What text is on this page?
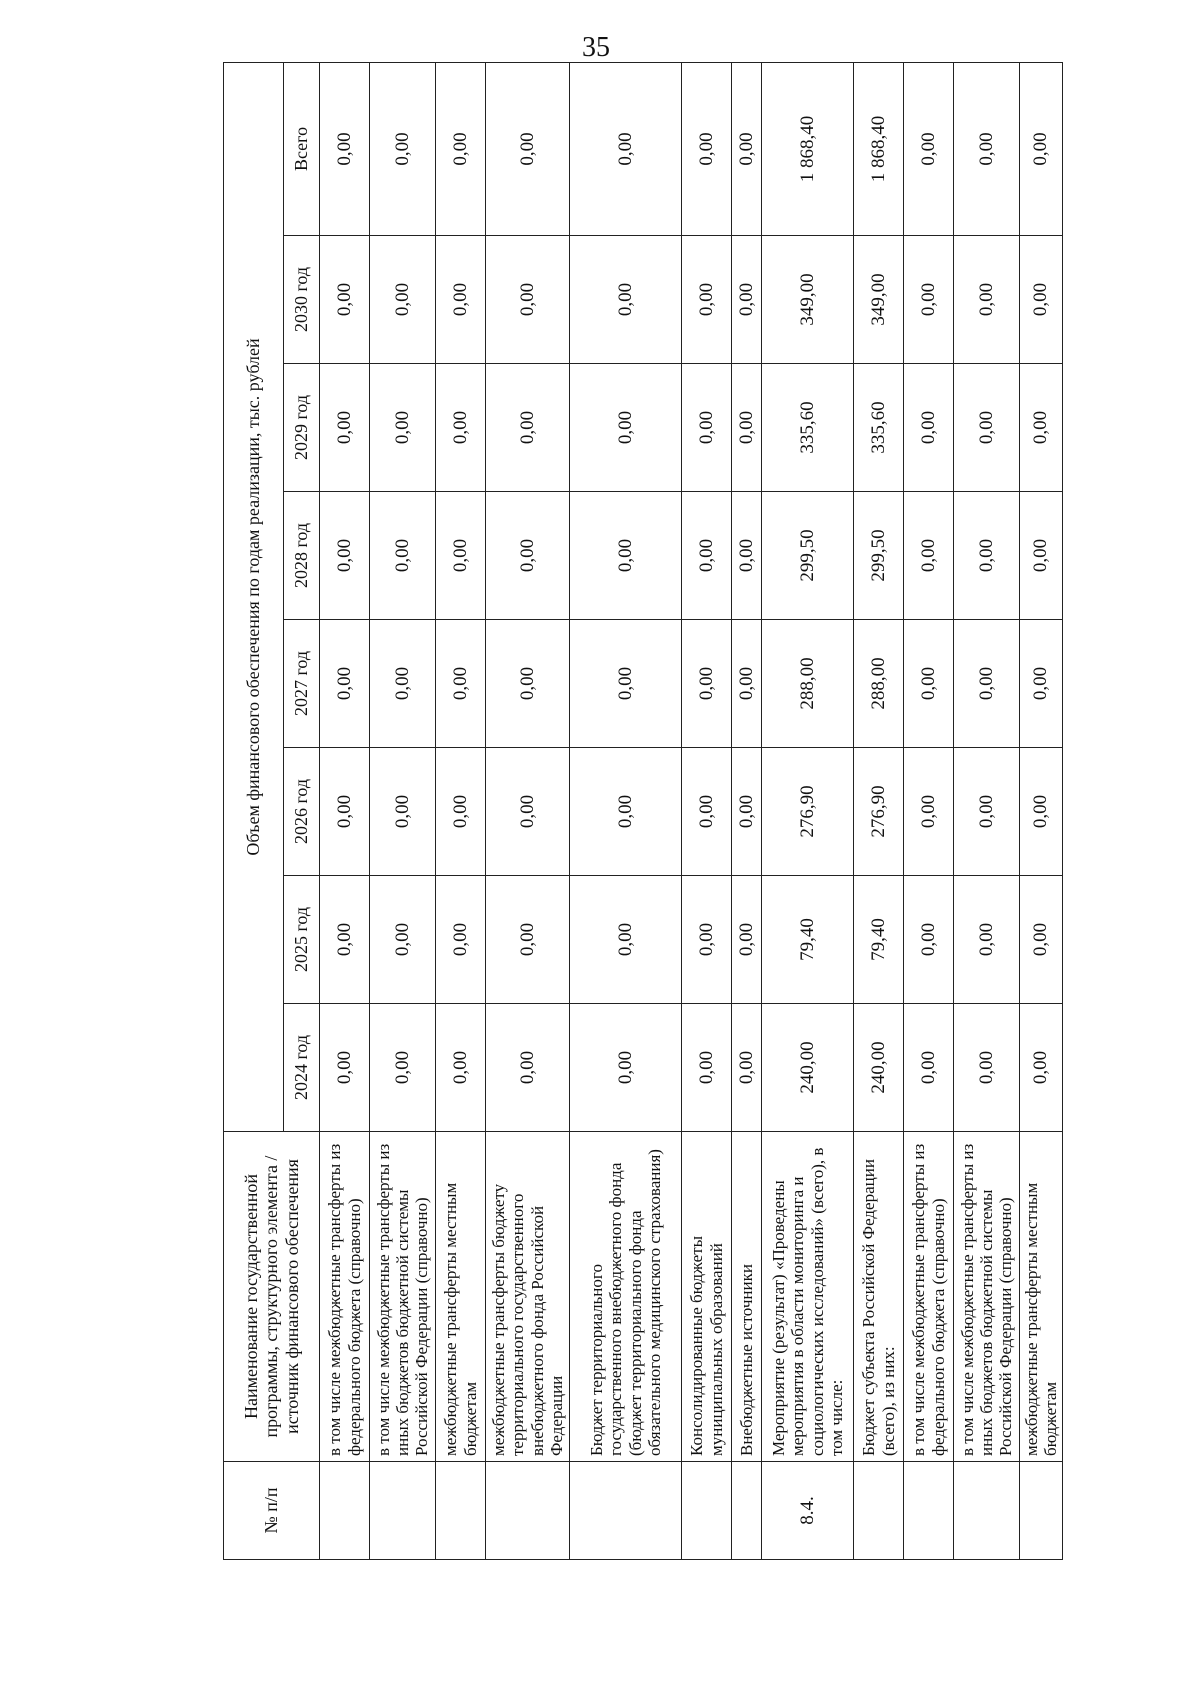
35
№ п/п	Наименование государственной программы, структурного элемента / источник финансового обеспечения	Объем финансового обеспечения по годам реализации, тыс. рублей							
		2024 год	2025 год	2026 год	2027 год	2028 год	2029 год	2030 год	Всего
	в том числе межбюджетные трансферты из федерального бюджета (справочно)	0,00	0,00	0,00	0,00	0,00	0,00	0,00	0,00
	в том числе межбюджетные трансферты из иных бюджетов бюджетной системы Российской Федерации (справочно)	0,00	0,00	0,00	0,00	0,00	0,00	0,00	0,00
	межбюджетные трансферты местным бюджетам	0,00	0,00	0,00	0,00	0,00	0,00	0,00	0,00
	межбюджетные трансферты бюджету территориального государственного внебюджетного фонда Российской Федерации	0,00	0,00	0,00	0,00	0,00	0,00	0,00	0,00
	Бюджет территориального государственного внебюджетного фонда (бюджет территориального фонда обязательного медицинского страхования)	0,00	0,00	0,00	0,00	0,00	0,00	0,00	0,00
	Консолидированные бюджеты муниципальных образований	0,00	0,00	0,00	0,00	0,00	0,00	0,00	0,00
	Внебюджетные источники	0,00	0,00	0,00	0,00	0,00	0,00	0,00	0,00
8.4.	Мероприятие (результат) «Проведены мероприятия в области мониторинга и социологических исследований» (всего), в том числе:	240,00	79,40	276,90	288,00	299,50	335,60	349,00	1 868,40
	Бюджет субъекта Российской Федерации (всего), из них:	240,00	79,40	276,90	288,00	299,50	335,60	349,00	1 868,40
	в том числе межбюджетные трансферты из федерального бюджета (справочно)	0,00	0,00	0,00	0,00	0,00	0,00	0,00	0,00
	в том числе межбюджетные трансферты из иных бюджетов бюджетной системы Российской Федерации (справочно)	0,00	0,00	0,00	0,00	0,00	0,00	0,00	0,00
	межбюджетные трансферты местным бюджетам	0,00	0,00	0,00	0,00	0,00	0,00	0,00	0,00
